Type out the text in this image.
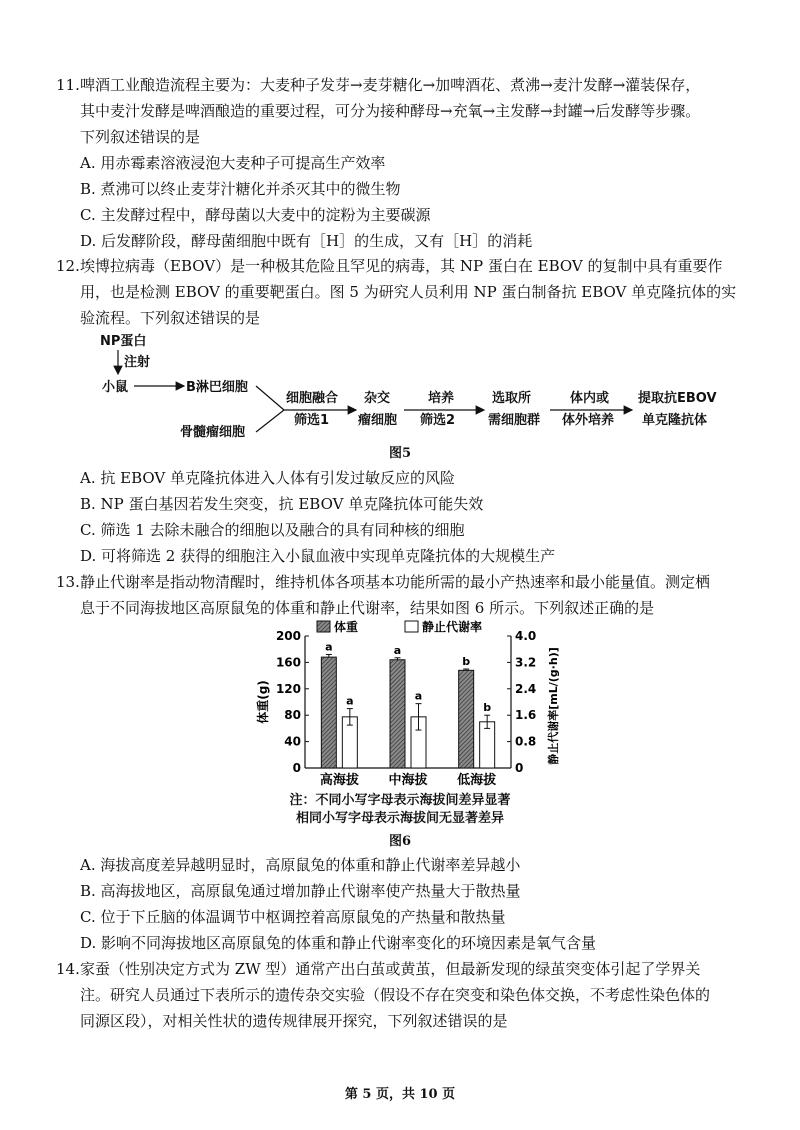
11.啤酒工业酿造流程主要为：大麦种子发芽→麦芽糖化→加啤酒花、煮沸→麦汁发酵→灌装保存，
其中麦汁发酵是啤酒酿造的重要过程，可分为接种酵母→充氧→主发酵→封罐→后发酵等步骤。
下列叙述错误的是
A. 用赤霉素溶液浸泡大麦种子可提高生产效率
B. 煮沸可以终止麦芽汁糖化并杀灭其中的微生物
C. 主发酵过程中，酵母菌以大麦中的淀粉为主要碳源
D. 后发酵阶段，酵母菌细胞中既有［H］的生成，又有［H］的消耗
12.埃博拉病毒（EBOV）是一种极其危险且罕见的病毒，其 NP 蛋白在 EBOV 的复制中具有重要作
用，也是检测 EBOV 的重要靶蛋白。图 5 为研究人员利用 NP 蛋白制备抗 EBOV 单克隆抗体的实
验流程。下列叙述错误的是
NP蛋白
注射
小鼠	B淋巴细胞
骨髓瘤细胞
细胞融合
筛选1
杂交
瘤细胞
培养
筛选2
选取所
需细胞群
体内或
体外培养
提取抗EBOV
单克隆抗体
图5
A. 抗 EBOV 单克隆抗体进入人体有引发过敏反应的风险
B. NP 蛋白基因若发生突变，抗 EBOV 单克隆抗体可能失效
C. 筛选 1 去除未融合的细胞以及融合的具有同种核的细胞
D. 可将筛选 2 获得的细胞注入小鼠血液中实现单克隆抗体的大规模生产
13.静止代谢率是指动物清醒时，维持机体各项基本功能所需的最小产热速率和最小能量值。测定栖
息于不同海拔地区高原鼠兔的体重和静止代谢率，结果如图 6 所示。下列叙述正确的是
体重	静止代谢率
体重(g)	静止代谢率[mL/(g·h)]
0
40
80
120
160
200
0
0.8
1.6
2.4
3.2
4.0
a
a
高海拔
a
a
中海拔
b
b
低海拔
注：不同小写字母表示海拔间差异显著
相同小写字母表示海拔间无显著差异
图6
A. 海拔高度差异越明显时，高原鼠兔的体重和静止代谢率差异越小
B. 高海拔地区，高原鼠兔通过增加静止代谢率使产热量大于散热量
C. 位于下丘脑的体温调节中枢调控着高原鼠兔的产热量和散热量
D. 影响不同海拔地区高原鼠兔的体重和静止代谢率变化的环境因素是氧气含量
14.家蚕（性别决定方式为 ZW 型）通常产出白茧或黄茧，但最新发现的绿茧突变体引起了学界关
注。研究人员通过下表所示的遗传杂交实验（假设不存在突变和染色体交换，不考虑性染色体的
同源区段），对相关性状的遗传规律展开探究，下列叙述错误的是
第 5 页，共 10 页
